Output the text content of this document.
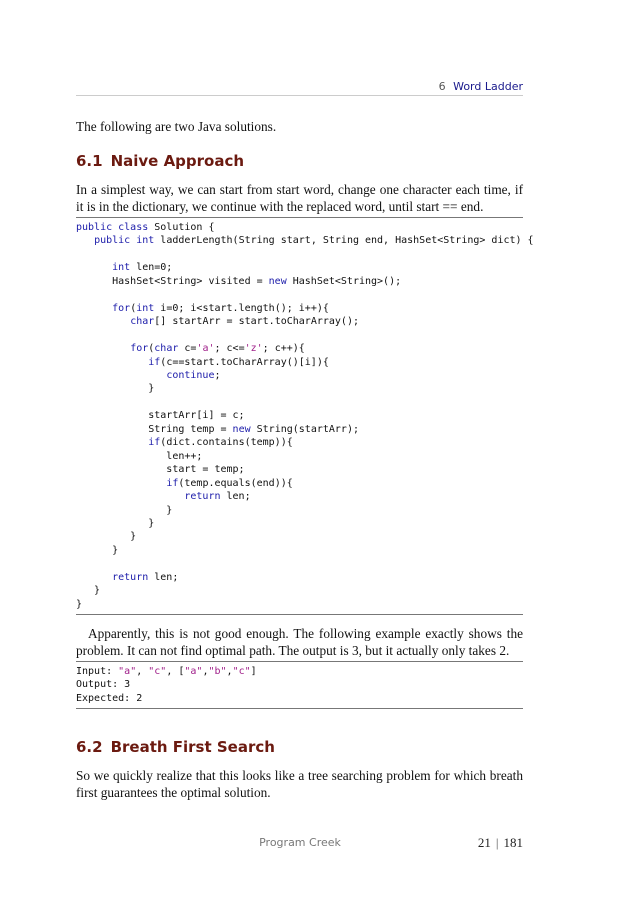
6 Word Ladder

The following are two Java solutions.

6.1 Naive Approach

In a simplest way, we can start from start word, change one character each time, if it is in the dictionary, we continue with the replaced word, until start == end.

public class Solution {
public int ladderLength(String start, String end, HashSet<String> dict) {

int len=0;
HashSet<String> visited = new HashSet<String>();

for(int i=0; i<start.length(); i++){
char[] startArr = start.toCharArray();

for(char c='a'; c<='z'; c++){
if(c==start.toCharArray()[i]){
continue;
}

startArr[i] = c;
String temp = new String(startArr);
if(dict.contains(temp)){
len++;
start = temp;
if(temp.equals(end)){
return len;
}
}
}
}

return len;
}
}

Apparently, this is not good enough. The following example exactly shows the problem. It can not find optimal path. The output is 3, but it actually only takes 2.

Input: "a", "c", ["a","b","c"]
Output: 3
Expected: 2
6.2 Breath First Search

So we quickly realize that this looks like a tree searching problem for which breath first guarantees the optimal solution.

Program Creek	21 | 181
